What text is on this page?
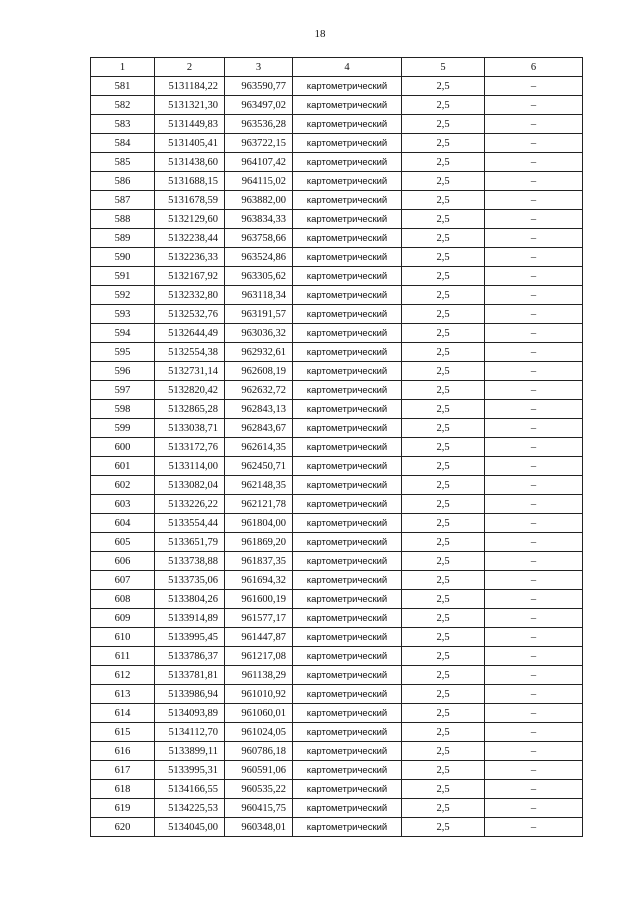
18
1	2	3	4	5	6
581	5131184,22	963590,77	картометрический	2,5	–
582	5131321,30	963497,02	картометрический	2,5	–
583	5131449,83	963536,28	картометрический	2,5	–
584	5131405,41	963722,15	картометрический	2,5	–
585	5131438,60	964107,42	картометрический	2,5	–
586	5131688,15	964115,02	картометрический	2,5	–
587	5131678,59	963882,00	картометрический	2,5	–
588	5132129,60	963834,33	картометрический	2,5	–
589	5132238,44	963758,66	картометрический	2,5	–
590	5132236,33	963524,86	картометрический	2,5	–
591	5132167,92	963305,62	картометрический	2,5	–
592	5132332,80	963118,34	картометрический	2,5	–
593	5132532,76	963191,57	картометрический	2,5	–
594	5132644,49	963036,32	картометрический	2,5	–
595	5132554,38	962932,61	картометрический	2,5	–
596	5132731,14	962608,19	картометрический	2,5	–
597	5132820,42	962632,72	картометрический	2,5	–
598	5132865,28	962843,13	картометрический	2,5	–
599	5133038,71	962843,67	картометрический	2,5	–
600	5133172,76	962614,35	картометрический	2,5	–
601	5133114,00	962450,71	картометрический	2,5	–
602	5133082,04	962148,35	картометрический	2,5	–
603	5133226,22	962121,78	картометрический	2,5	–
604	5133554,44	961804,00	картометрический	2,5	–
605	5133651,79	961869,20	картометрический	2,5	–
606	5133738,88	961837,35	картометрический	2,5	–
607	5133735,06	961694,32	картометрический	2,5	–
608	5133804,26	961600,19	картометрический	2,5	–
609	5133914,89	961577,17	картометрический	2,5	–
610	5133995,45	961447,87	картометрический	2,5	–
611	5133786,37	961217,08	картометрический	2,5	–
612	5133781,81	961138,29	картометрический	2,5	–
613	5133986,94	961010,92	картометрический	2,5	–
614	5134093,89	961060,01	картометрический	2,5	–
615	5134112,70	961024,05	картометрический	2,5	–
616	5133899,11	960786,18	картометрический	2,5	–
617	5133995,31	960591,06	картометрический	2,5	–
618	5134166,55	960535,22	картометрический	2,5	–
619	5134225,53	960415,75	картометрический	2,5	–
620	5134045,00	960348,01	картометрический	2,5	–
